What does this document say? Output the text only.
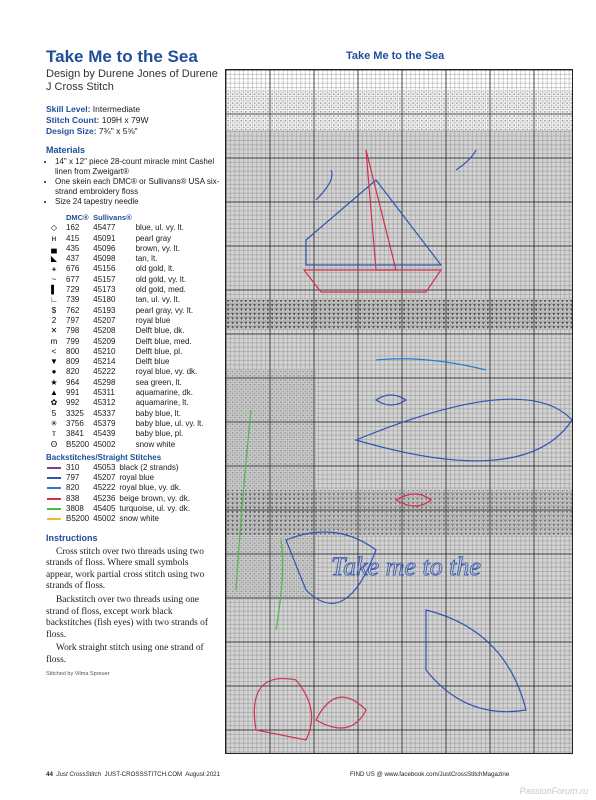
Take Me to the Sea
Design by Durene Jones of Durene J Cross Stitch
Skill Level: Intermediate
Stitch Count: 109H x 79W
Design Size: 7¾" x 5⅝"
Materials
• 14" x 12" piece 28-count miracle mint Cashel linen from Zweigart®
• One skein each DMC® or Sullivans® USA six-strand embroidery floss
• Size 24 tapestry needle
	DMC®	Sullivans®	
◇	162	45477	blue, ul. vy. lt.
н	415	45091	pearl gray
▄	435	45096	brown, vy. lt.
◣	437	45098	tan, lt.
⚹	676	45156	old gold, lt.
~	677	45157	old gold, vy. lt.
▌	729	45173	old gold, med.
∟	739	45180	tan, ul. vy. lt.
$	762	45193	pearl gray, vy. lt.
2	797	45207	royal blue
✕	798	45208	Delft blue, dk.
m	799	45209	Delft blue, med.
<	800	45210	Delft blue, pl.
▼	809	45214	Delft blue
●	820	45222	royal blue, vy. dk.
★	964	45298	sea green, lt.
▲	991	45311	aquamarine, dk.
✿	992	45312	aquamarine, lt.
5	3325	45337	baby blue, lt.
✳	3756	45379	baby blue, ul. vy. lt.
т	3841	45439	baby blue, pl.
ʘ	B5200	45002	snow white
Backstitches/Straight Stitches
	310	45053	black (2 strands)
	797	45207	royal blue
	820	45222	royal blue, vy. dk.
	838	45236	beige brown, vy. dk.
	3808	45405	turquoise, ul. vy. dk.
	B5200	45002	snow white
Instructions

Cross stitch over two threads using two strands of floss. Where small symbols appear, work partial cross stitch using two strands of floss.

Backstitch over two threads using one strand of floss, except work black backstitches (fish eyes) with two strands of floss.

Work straight stitch using one strand of floss.

Stitched by Vilma Spreuer
Take Me to the Sea
Take me to the
44 Just CrossStitch JUST-CROSSSTITCH.COM August 2021	FIND US @ www.facebook.com/JustCrossStitchMagazine
PassionForum.ru
